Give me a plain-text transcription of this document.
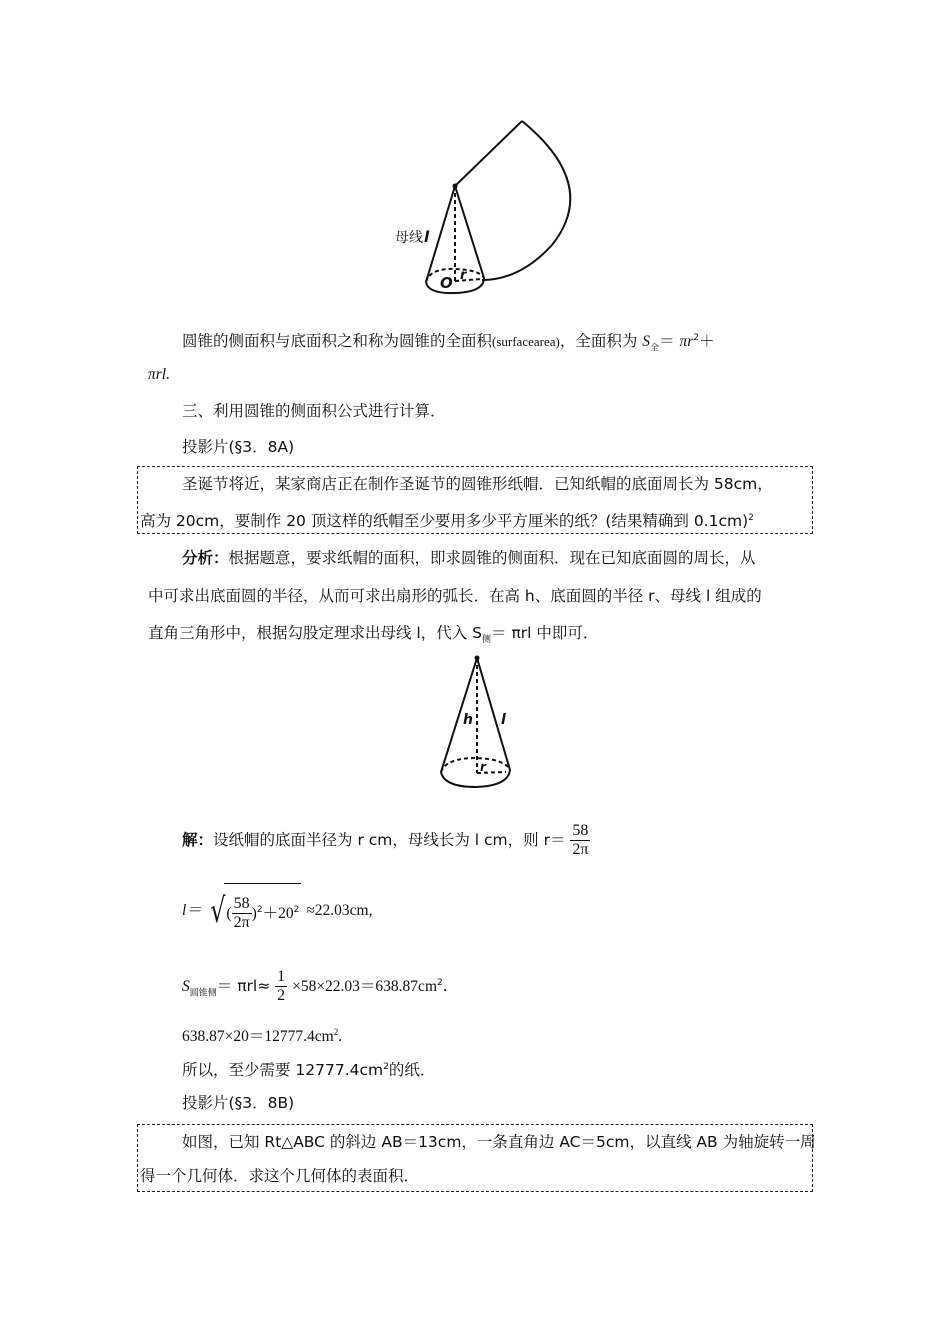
母线 l
O r
圆锥的侧面积与底面积之和称为圆锥的全面积(surfacearea)，全面积为 $S_全= \pi r^2+$
πrl.
三、利用圆锥的侧面积公式进行计算．
投影片(§3．8A)
圣诞节将近，某家商店正在制作圣诞节的圆锥形纸帽．已知纸帽的底面周长为 58cm，
高为 20cm，要制作 20 顶这样的纸帽至少要用多少平方厘米的纸？(结果精确到 0.1cm)$^2$
分析：根据题意，要求纸帽的面积，即求圆锥的侧面积．现在已知底面圆的周长，从
中可求出底面圆的半径，从而可求出扇形的弧长．在高 h、底面圆的半径 r、母线 l 组成的
直角三角形中，根据勾股定理求出母线 l，代入 $S_侧= \pi rl$ 中即可．
h l
r
解：设纸帽的底面半径为 r cm，母线长为 l cm，则 $r= \frac{58}{2\pi}$
l＝ √( $\frac{58}{2\pi} )^2+20^2 \approx 22.03cm$,
$S_{圆锥侧}= \pi rl\approx \frac{1}{2} \times 58\times 22.03=638.87cm^2$.
$638.87\times 20=12777.4cm^2$.
所以，至少需要 $12777.4cm^2$的纸．
投影片(§3．8B)
如图，已知 Rt△ABC 的斜边 AB＝13cm，一条直角边 AC＝5cm，以直线 AB 为轴旋转一周
得一个几何体．求这个几何体的表面积．
